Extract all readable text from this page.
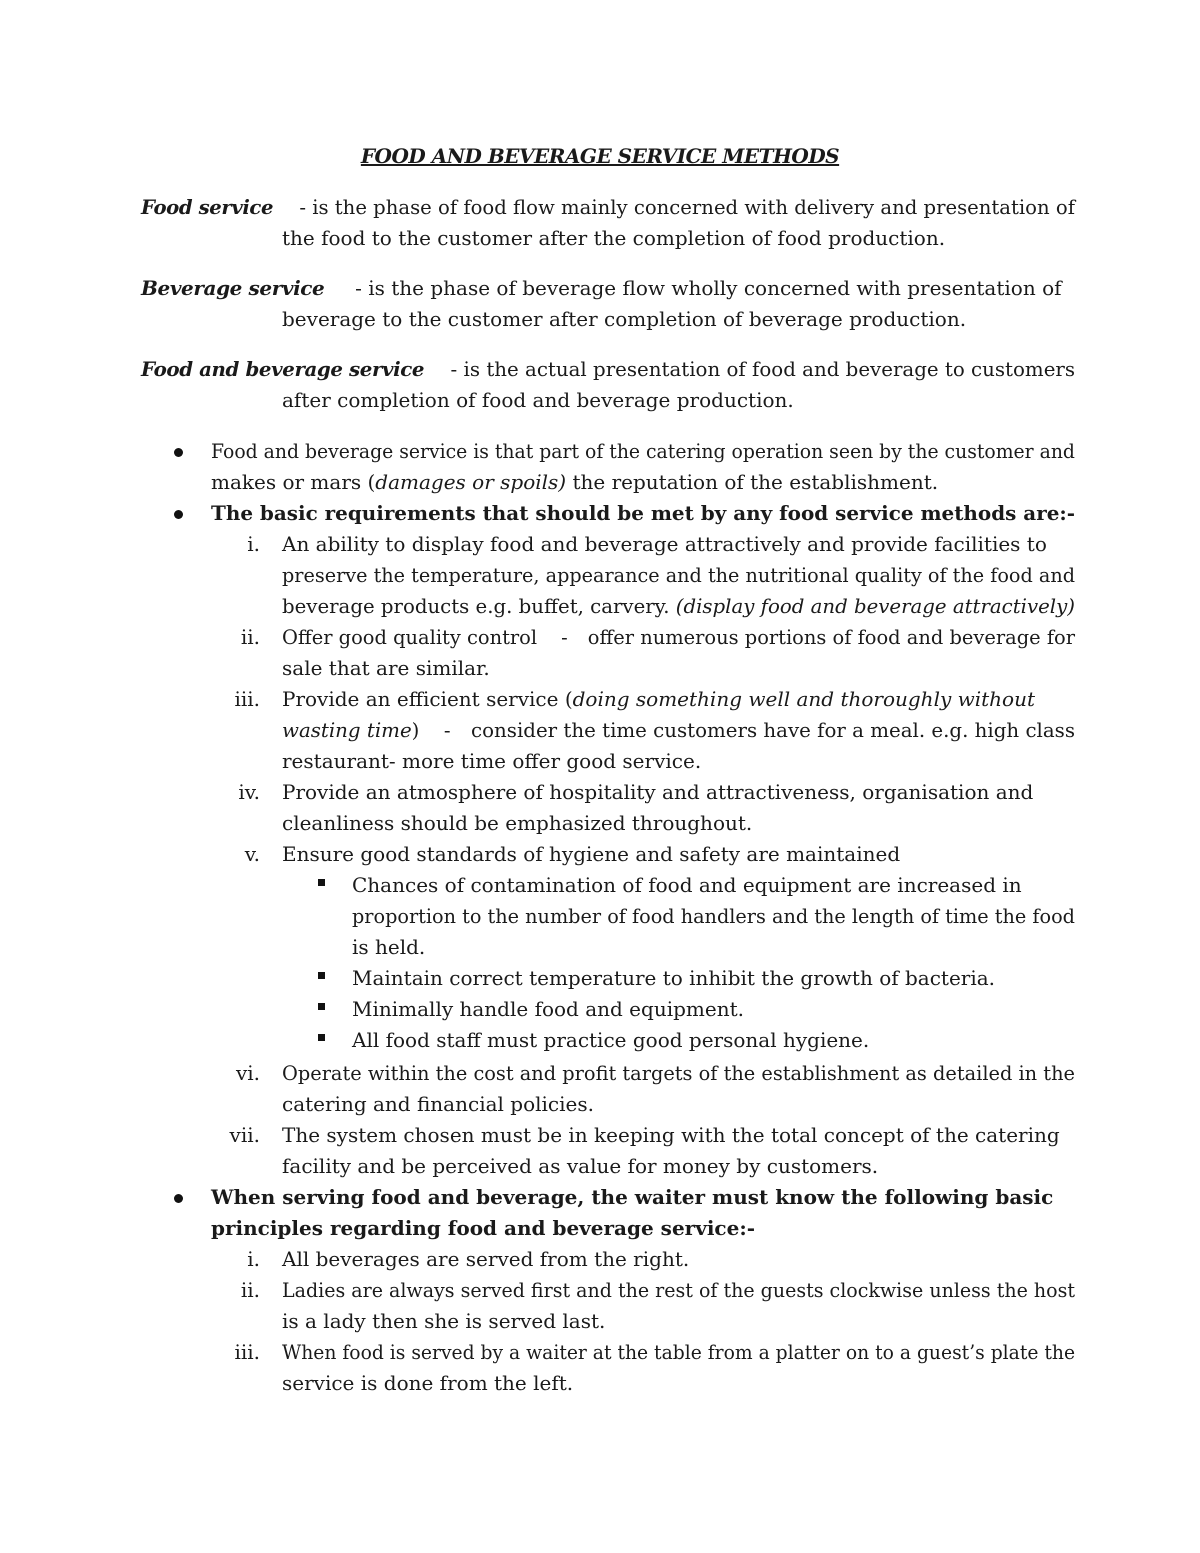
FOOD AND BEVERAGE SERVICE METHODS
Food service - is the phase of food flow mainly concerned with delivery and presentation of
the food to the customer after the completion of food production.
Beverage service - is the phase of beverage flow wholly concerned with presentation of
beverage to the customer after completion of beverage production.
Food and beverage service - is the actual presentation of food and beverage to customers
after completion of food and beverage production.
Food and beverage service is that part of the catering operation seen by the customer and
makes or mars (damages or spoils) the reputation of the establishment.
The basic requirements that should be met by any food service methods are:-
i. An ability to display food and beverage attractively and provide facilities to
preserve the temperature, appearance and the nutritional quality of the food and
beverage products e.g. buffet, carvery. (display food and beverage attractively)
ii. Offer good quality control - offer numerous portions of food and beverage for
sale that are similar.
iii. Provide an efficient service (doing something well and thoroughly without
wasting time) - consider the time customers have for a meal. e.g. high class
restaurant- more time offer good service.
iv. Provide an atmosphere of hospitality and attractiveness, organisation and
cleanliness should be emphasized throughout.
v. Ensure good standards of hygiene and safety are maintained
Chances of contamination of food and equipment are increased in
proportion to the number of food handlers and the length of time the food
is held.
Maintain correct temperature to inhibit the growth of bacteria.
Minimally handle food and equipment.
All food staff must practice good personal hygiene.
vi. Operate within the cost and profit targets of the establishment as detailed in the
catering and financial policies.
vii. The system chosen must be in keeping with the total concept of the catering
facility and be perceived as value for money by customers.
When serving food and beverage, the waiter must know the following basic
principles regarding food and beverage service:-
i. All beverages are served from the right.
ii. Ladies are always served first and the rest of the guests clockwise unless the host
is a lady then she is served last.
iii. When food is served by a waiter at the table from a platter on to a guest’s plate the
service is done from the left.
